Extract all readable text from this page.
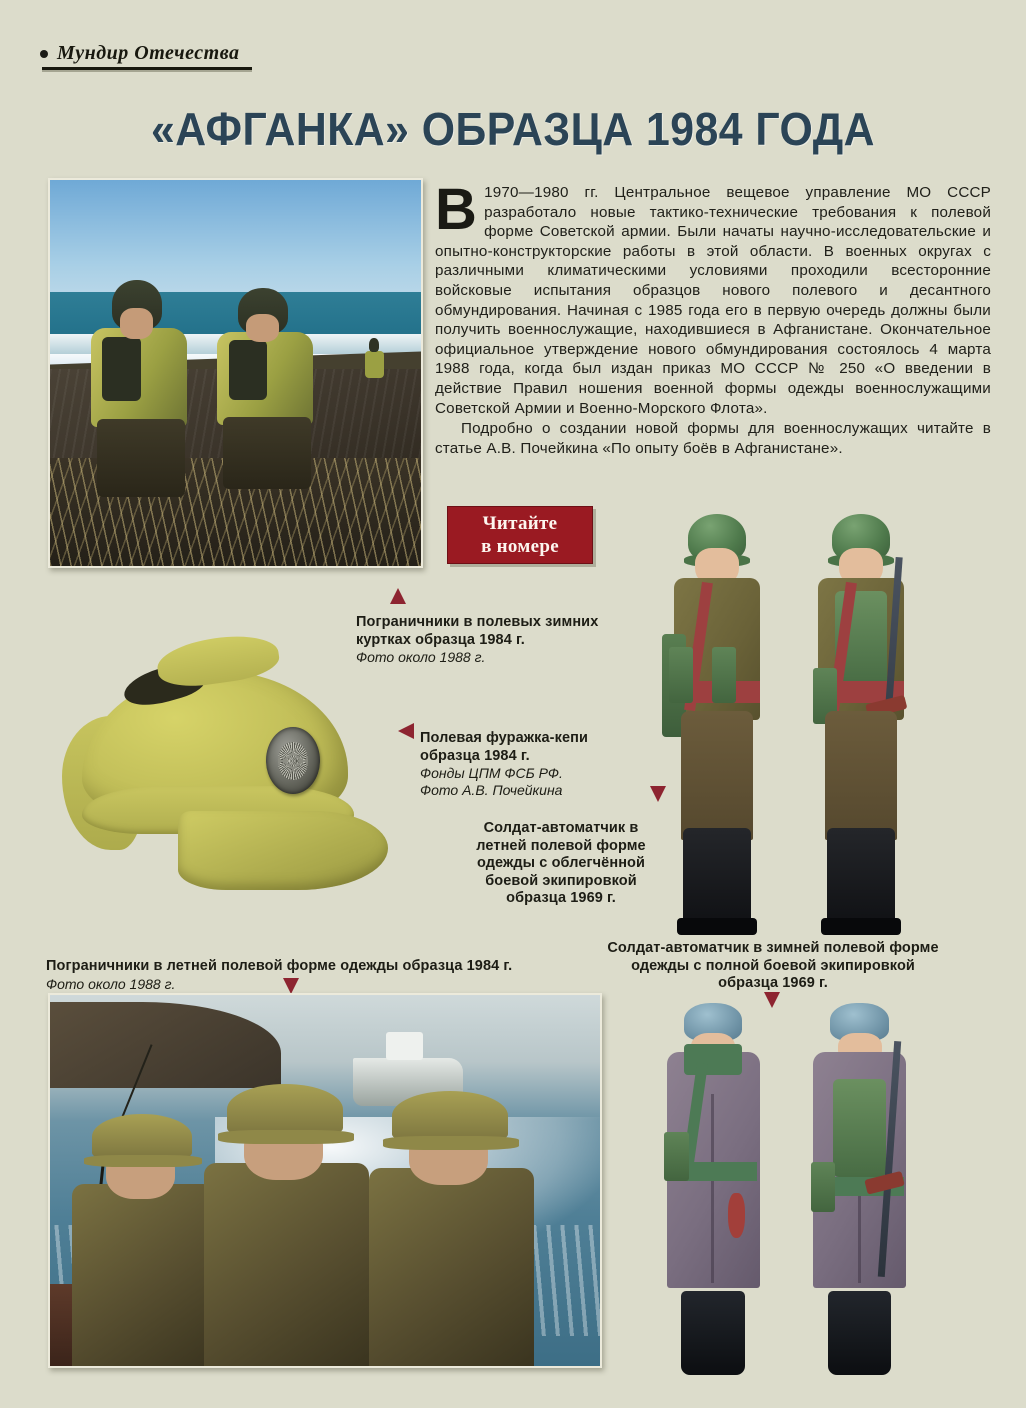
Мундир Отечества
«АФГАНКА» ОБРАЗЦА 1984 ГОДА

В 1970—1980 гг. Центральное вещевое управление МО СССР разработало новые тактико-технические требования к полевой форме Советской армии. Были начаты научно-исследовательские и опытно-конструкторские работы в этой области. В военных округах с различными климатическими условиями проходили всесторонние войсковые испытания образцов нового полевого и десантного обмундирования. Начиная с 1985 года его в первую очередь должны были получить военнослужащие, находившиеся в Афганистане. Окончательное официальное утверждение нового обмундирования состоялось 4 марта 1988 года, когда был издан приказ МО СССР № 250 «О введении в действие Правил ношения военной формы одежды военнослужащими Советской Армии и Военно-Морского Флота».

Подробно о создании новой формы для военнослужащих читайте в статье А.В. Почейкина «По опыту боёв в Афганистане».

Читайте
в номере
Пограничники в полевых зимних куртках образца 1984 г.
Фото около 1988 г.
Полевая фуражка-кепи образца 1984 г.
Фонды ЦПМ ФСБ РФ.
Фото А.В. Почейкина
Солдат-автоматчик в летней полевой форме одежды с облегчённой боевой экипировкой образца 1969 г.
Солдат-автоматчик в зимней полевой форме одежды с полной боевой экипировкой образца 1969 г.
Пограничники в летней полевой форме одежды образца 1984 г.
Фото около 1988 г.
